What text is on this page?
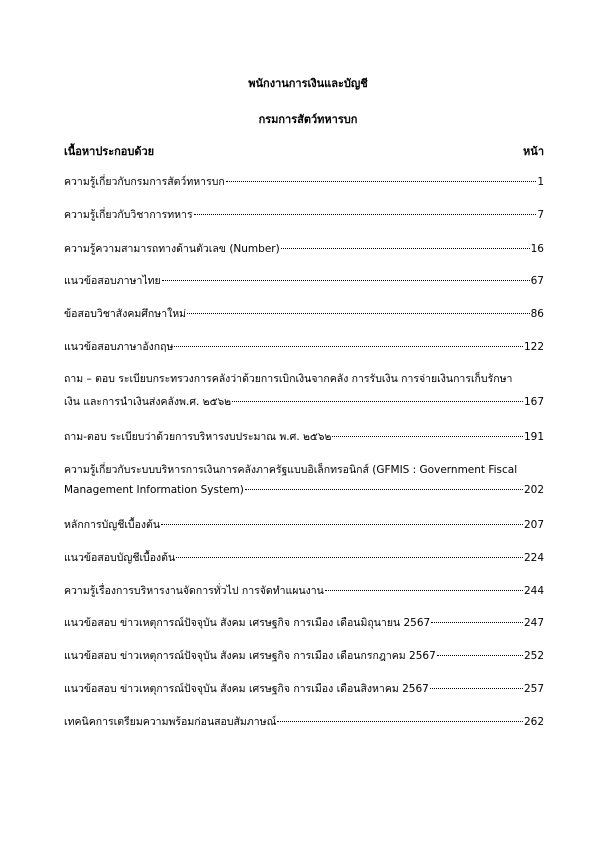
พนักงานการเงินและบัญชี
กรมการสัตว์ทหารบก
เนื้อหาประกอบด้วย	หน้า
ความรู้เกี่ยวกับกรมการสัตว์ทหารบก	1
ความรู้เกี่ยวกับวิชาการทหาร	7
ความรู้ความสามารถทางด้านตัวเลข (Number)	16
แนวข้อสอบภาษาไทย	67
ข้อสอบวิชาสังคมศึกษาใหม่	86
แนวข้อสอบภาษาอังกฤษ	122
ถาม – ตอบ ระเบียบกระทรวงการคลังว่าด้วยการเบิกเงินจากคลัง การรับเงิน การจ่ายเงินการเก็บรักษา
เงิน และการนำเงินส่งคลังพ.ศ. ๒๕๖๒	167
ถาม-ตอบ ระเบียบว่าด้วยการบริหารงบประมาณ พ.ศ. ๒๕๖๒	191
ความรู้เกี่ยวกับระบบบริหารการเงินการคลังภาครัฐแบบอิเล็กทรอนิกส์ (GFMIS : Government Fiscal
Management Information System)	202
หลักการบัญชีเบื้องต้น	207
แนวข้อสอบบัญชีเบื้องต้น	224
ความรู้เรื่องการบริหารงานจัดการทั่วไป การจัดทำแผนงาน	244
แนวข้อสอบ ข่าวเหตุการณ์ปัจจุบัน สังคม เศรษฐกิจ การเมือง เดือนมิถุนายน 2567	247
แนวข้อสอบ ข่าวเหตุการณ์ปัจจุบัน สังคม เศรษฐกิจ การเมือง เดือนกรกฎาคม 2567	252
แนวข้อสอบ ข่าวเหตุการณ์ปัจจุบัน สังคม เศรษฐกิจ การเมือง เดือนสิงหาคม 2567	257
เทคนิคการเตรียมความพร้อมก่อนสอบสัมภาษณ์	262
